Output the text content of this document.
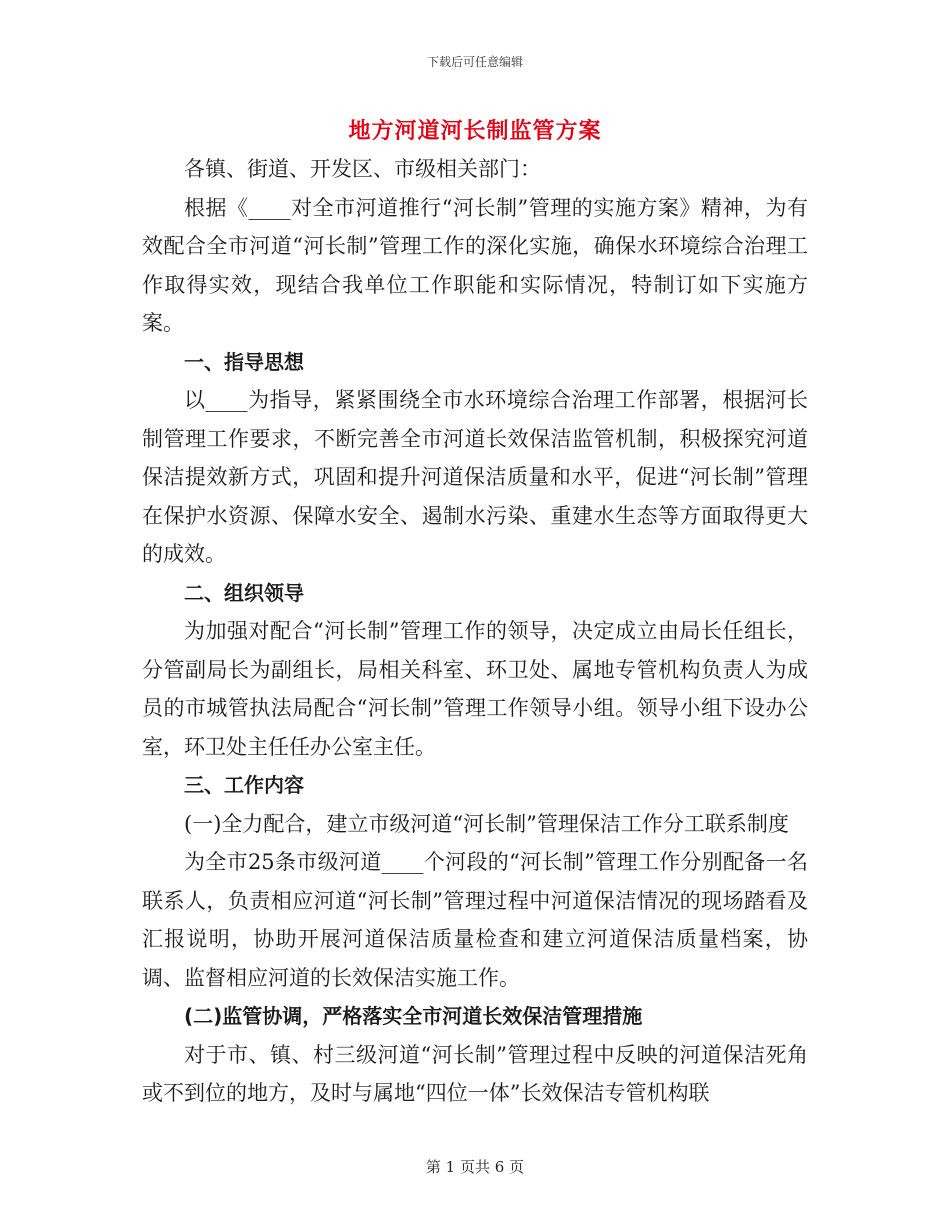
下载后可任意编辑
地方河道河长制监管方案

各镇、街道、开发区、市级相关部门：

根据《____对全市河道推行“河长制”管理的实施方案》精神，为有效配合全市河道“河长制”管理工作的深化实施，确保水环境综合治理工作取得实效，现结合我单位工作职能和实际情况，特制订如下实施方案。

一、指导思想

以____为指导，紧紧围绕全市水环境综合治理工作部署，根据河长制管理工作要求，不断完善全市河道长效保洁监管机制，积极探究河道保洁提效新方式，巩固和提升河道保洁质量和水平，促进“河长制”管理在保护水资源、保障水安全、遏制水污染、重建水生态等方面取得更大的成效。

二、组织领导

为加强对配合“河长制”管理工作的领导，决定成立由局长任组长，分管副局长为副组长，局相关科室、环卫处、属地专管机构负责人为成员的市城管执法局配合“河长制”管理工作领导小组。领导小组下设办公室，环卫处主任任办公室主任。

三、工作内容

(一)全力配合，建立市级河道“河长制”管理保洁工作分工联系制度

为全市25条市级河道____个河段的“河长制”管理工作分别配备一名联系人，负责相应河道“河长制”管理过程中河道保洁情况的现场踏看及汇报说明，协助开展河道保洁质量检查和建立河道保洁质量档案，协调、监督相应河道的长效保洁实施工作。

(二)监管协调，严格落实全市河道长效保洁管理措施

对于市、镇、村三级河道“河长制”管理过程中反映的河道保洁死角或不到位的地方，及时与属地“四位一体”长效保洁专管机构联

第 1 页共 6 页
